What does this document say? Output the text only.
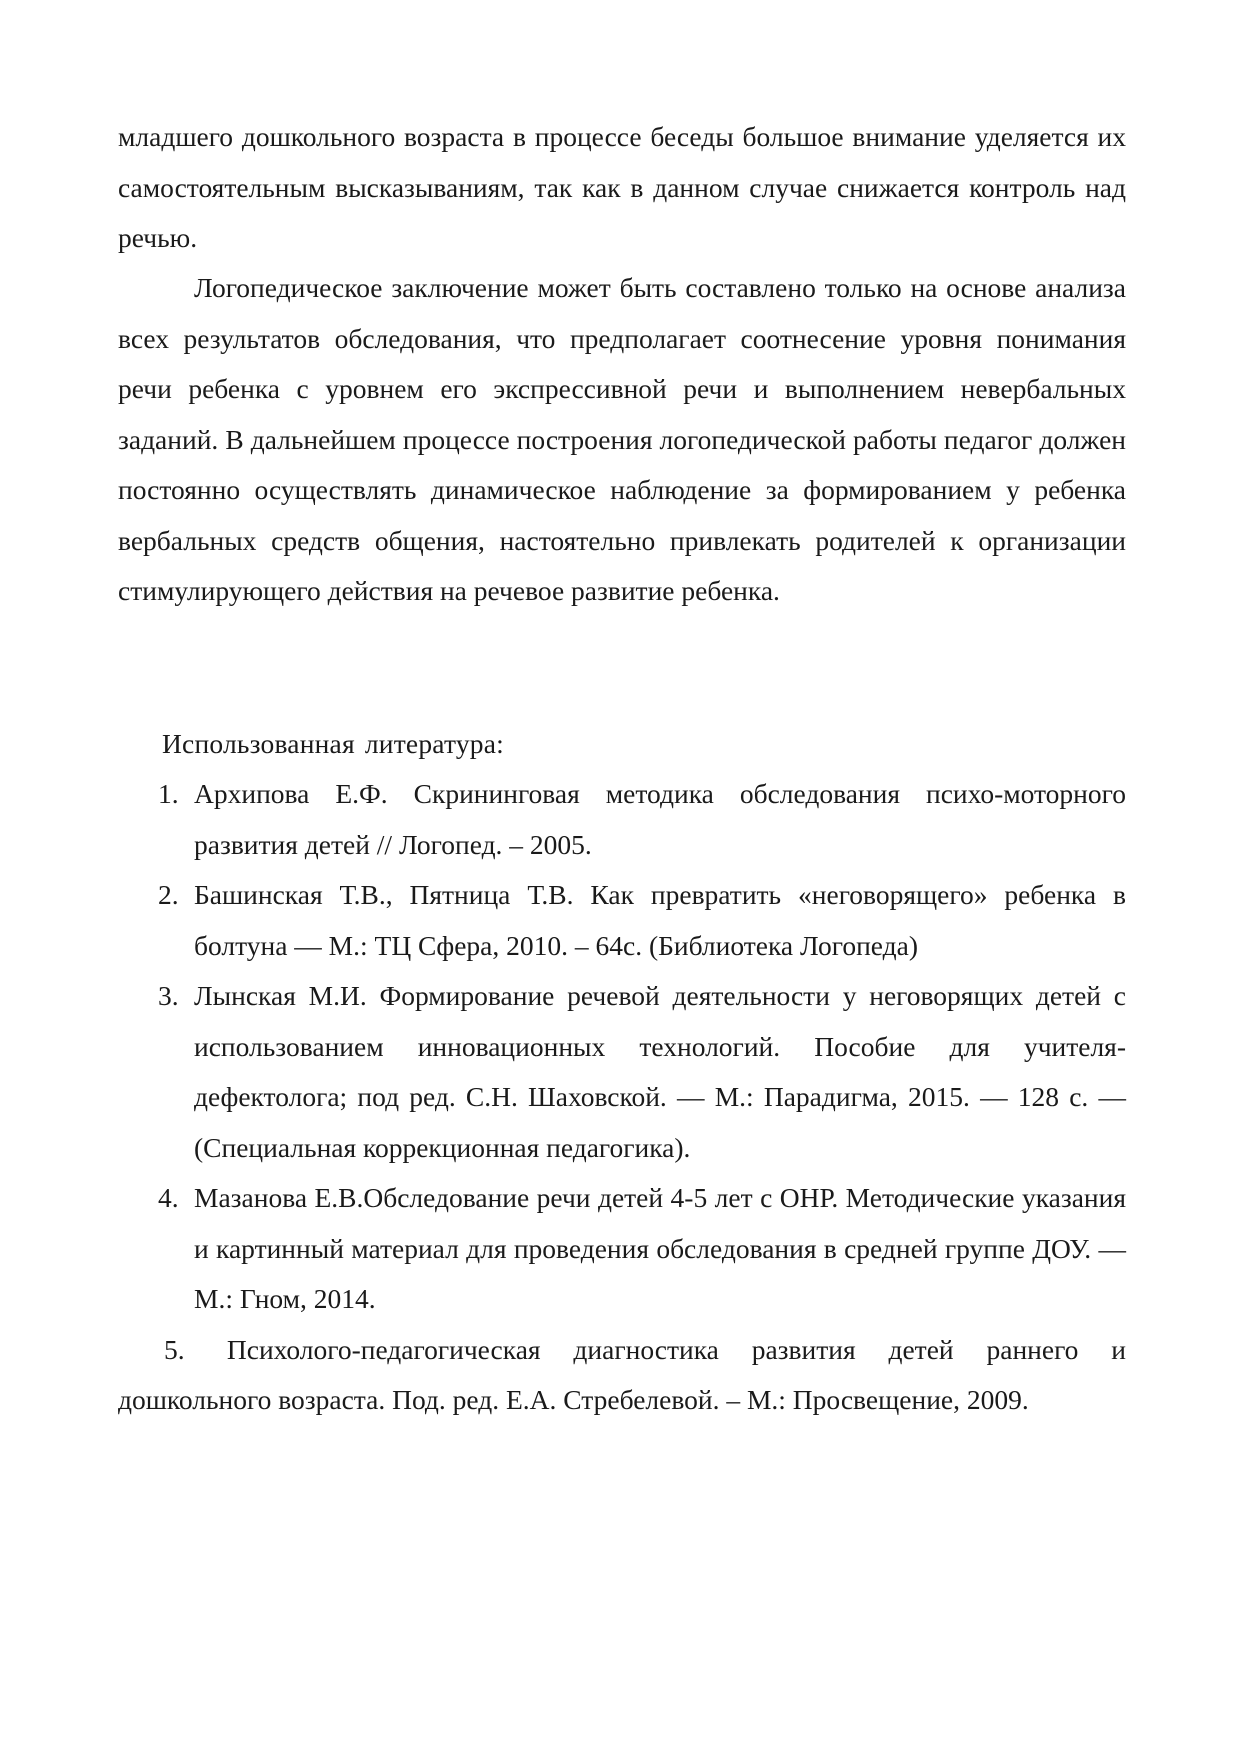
младшего дошкольного возраста в процессе беседы большое внимание уделяется их самостоятельным высказываниям, так как в данном случае снижается контроль над речью.

Логопедическое заключение может быть составлено только на основе анализа всех результатов обследования, что предполагает соотнесение уровня понимания речи ребенка с уровнем его экспрессивной речи и выполнением невербальных заданий. В дальнейшем процессе построения логопедической работы педагог должен постоянно осуществлять динамическое наблюдение за формированием у ребенка вербальных средств общения, настоятельно привлекать родителей к организации стимулирующего действия на речевое развитие ребенка.

Использованная литература:

1. Архипова Е.Ф. Скрининговая методика обследования психо-моторного развития детей // Логопед. – 2005.
2. Башинская Т.В., Пятница Т.В. Как превратить «неговорящего» ребенка в болтуна — М.: ТЦ Сфера, 2010. – 64с. (Библиотека Логопеда)
3. Лынская М.И. Формирование речевой деятельности у неговорящих детей с использованием инновационных технологий. Пособие для учителя-дефектолога; под ред. С.Н. Шаховской. — М.: Парадигма, 2015. — 128 с. — (Специальная коррекционная педагогика).
4. Мазанова Е.В.Обследование речи детей 4-5 лет с ОНР. Методические указания и картинный материал для проведения обследования в средней группе ДОУ. — М.: Гном, 2014.
5. Психолого-педагогическая диагностика развития детей раннего и дошкольного возраста. Под. ред. Е.А. Стребелевой. – М.: Просвещение, 2009.
